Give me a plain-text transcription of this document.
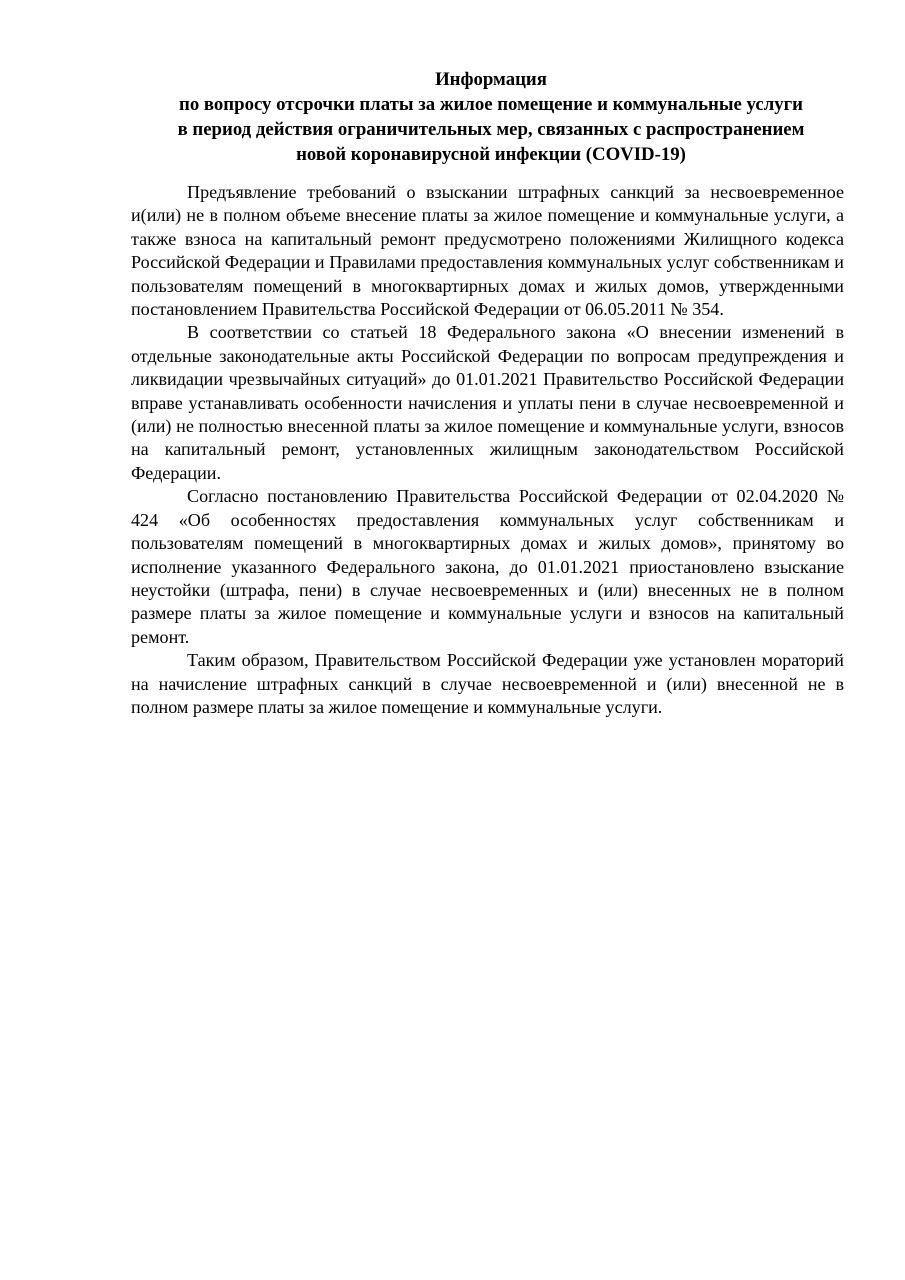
Информация
по вопросу отсрочки платы за жилое помещение и коммунальные услуги
в период действия ограничительных мер, связанных с распространением
новой коронавирусной инфекции (COVID-19)

Предъявление требований о взыскании штрафных санкций за несвоевременное и(или) не в полном объеме внесение платы за жилое помещение и коммунальные услуги, а также взноса на капитальный ремонт предусмотрено положениями Жилищного кодекса Российской Федерации и Правилами предоставления коммунальных услуг собственникам и пользователям помещений в многоквартирных домах и жилых домов, утвержденными постановлением Правительства Российской Федерации от 06.05.2011 № 354.

В соответствии со статьей 18 Федерального закона «О внесении изменений в отдельные законодательные акты Российской Федерации по вопросам предупреждения и ликвидации чрезвычайных ситуаций» до 01.01.2021 Правительство Российской Федерации вправе устанавливать особенности начисления и уплаты пени в случае несвоевременной и (или) не полностью внесенной платы за жилое помещение и коммунальные услуги, взносов на капитальный ремонт, установленных жилищным законодательством Российской Федерации.

Согласно постановлению Правительства Российской Федерации от 02.04.2020 № 424 «Об особенностях предоставления коммунальных услуг собственникам и пользователям помещений в многоквартирных домах и жилых домов», принятому во исполнение указанного Федерального закона, до 01.01.2021 приостановлено взыскание неустойки (штрафа, пени) в случае несвоевременных и (или) внесенных не в полном размере платы за жилое помещение и коммунальные услуги и взносов на капитальный ремонт.

Таким образом, Правительством Российской Федерации уже установлен мораторий на начисление штрафных санкций в случае несвоевременной и (или) внесенной не в полном размере платы за жилое помещение и коммунальные услуги.
